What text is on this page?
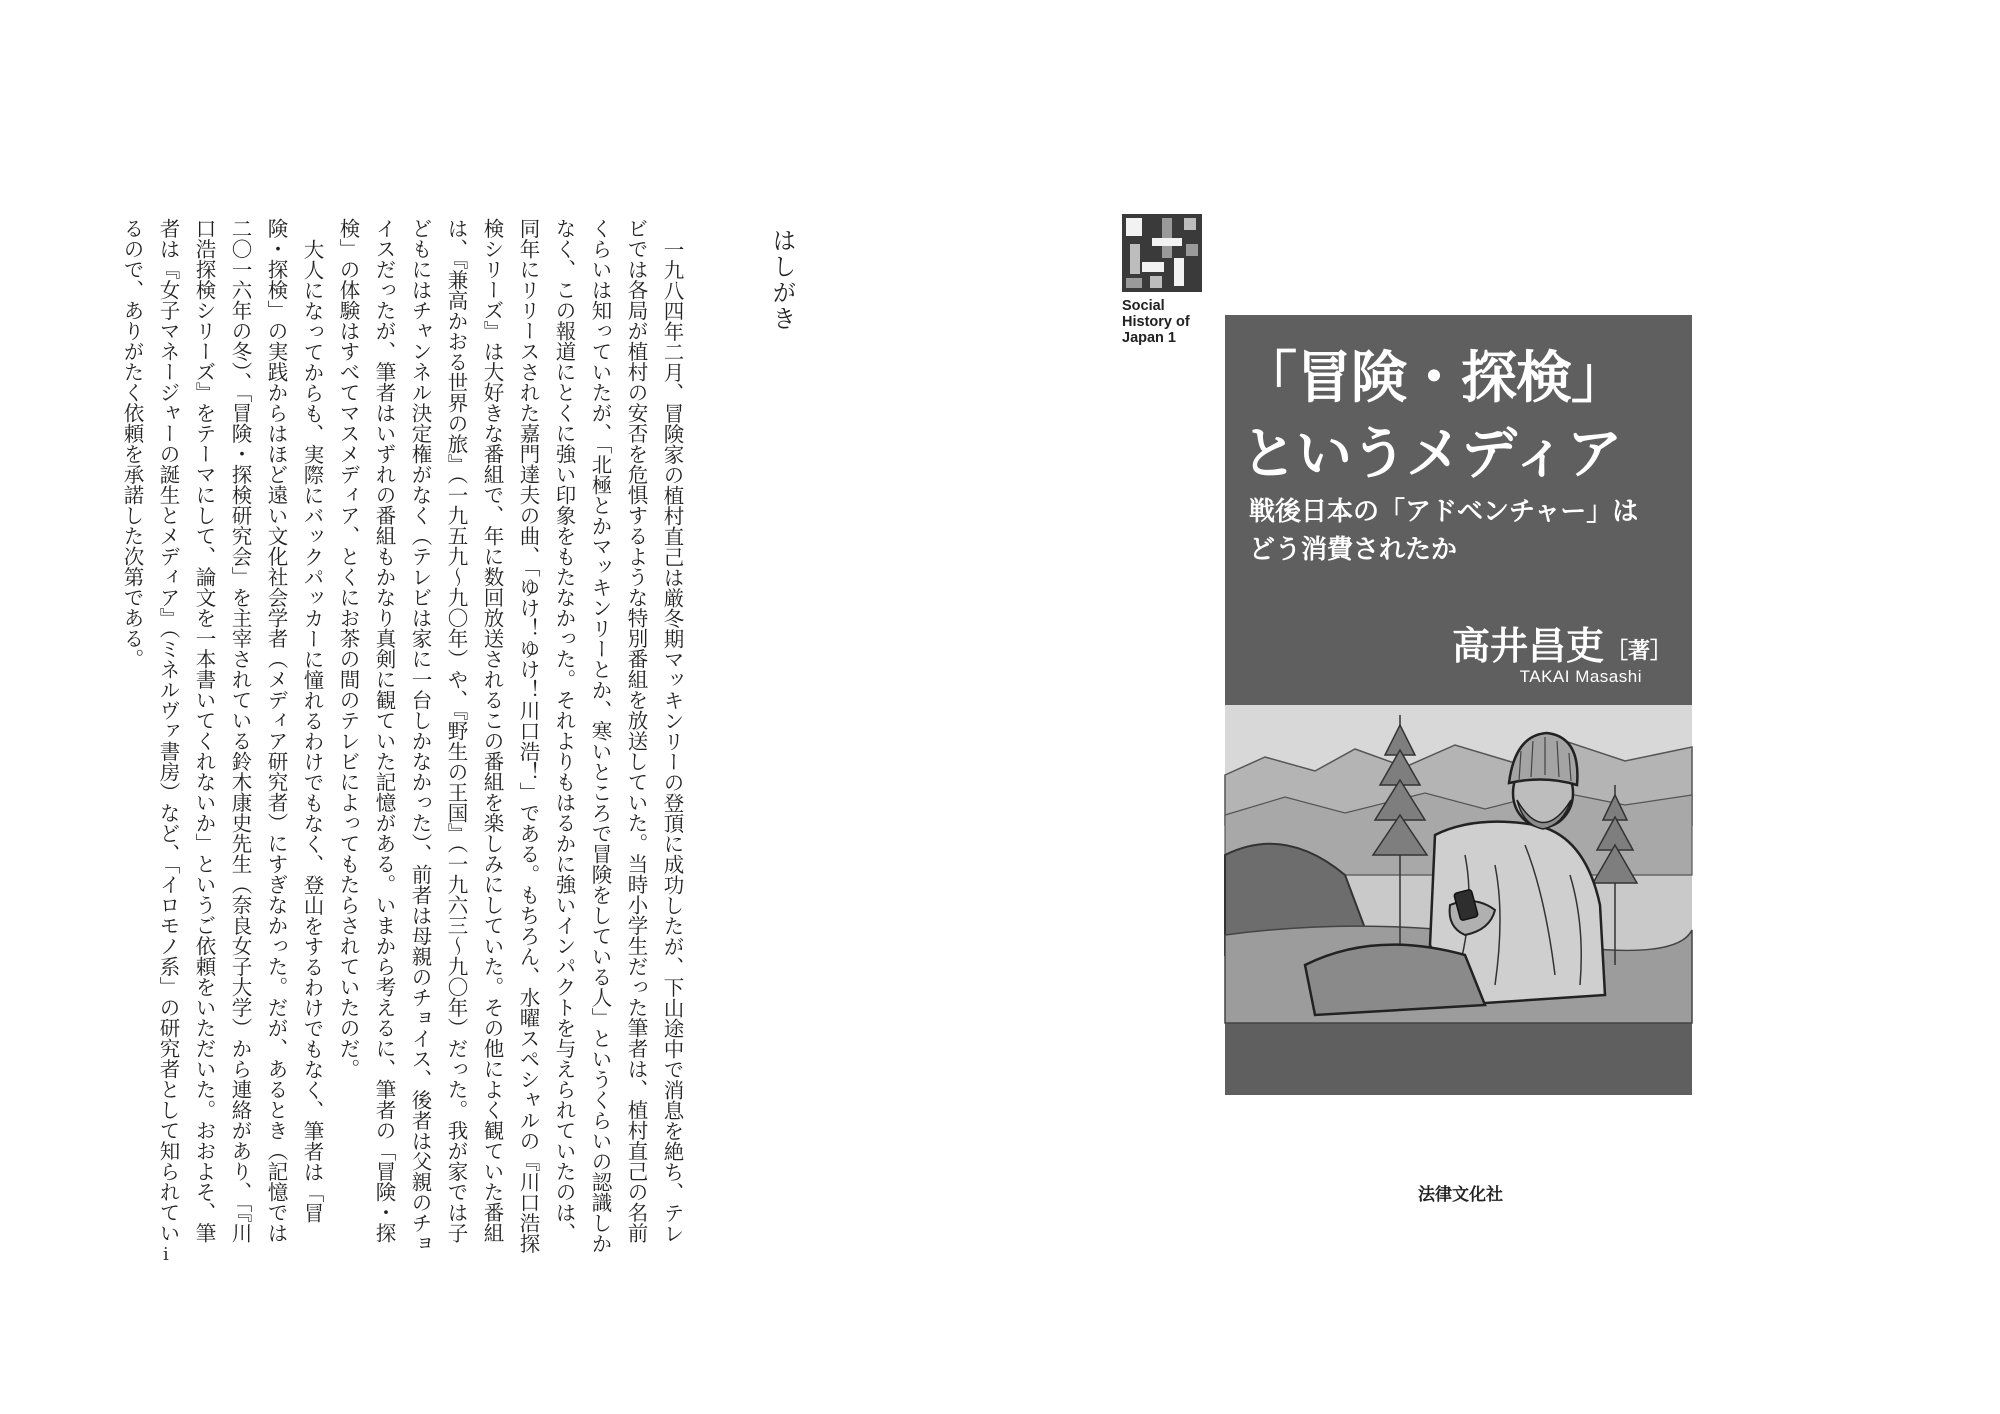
はしがき

一九八四年二月、冒険家の植村直己は厳冬期マッキンリーの登頂に成功したが、下山途中で消息を絶ち、テレビでは各局が植村の安否を危惧するような特別番組を放送していた。当時小学生だった筆者は、植村直己の名前くらいは知っていたが、「北極とかマッキンリーとか、寒いところで冒険をしている人」というくらいの認識しかなく、この報道にとくに強い印象をもたなかった。それよりもはるかに強いインパクトを与えられていたのは、同年にリリースされた嘉門達夫の曲、「ゆけ！ゆけ！川口浩！」である。もちろん、水曜スペシャルの『川口浩探検シリーズ』は大好きな番組で、年に数回放送されるこの番組を楽しみにしていた。その他によく観ていた番組は、『兼高かおる世界の旅』（一九五九〜九〇年）や、『野生の王国』（一九六三〜九〇年）だった。我が家では子どもにはチャンネル決定権がなく（テレビは家に一台しかなかった）、前者は母親のチョイス、後者は父親のチョイスだったが、筆者はいずれの番組もかなり真剣に観ていた記憶がある。いまから考えるに、筆者の「冒険・探検」の体験はすべてマスメディア、とくにお茶の間のテレビによってもたらされていたのだ。

大人になってからも、実際にバックパッカーに憧れるわけでもなく、登山をするわけでもなく、筆者は「冒険・探検」の実践からはほど遠い文化社会学者（メディア研究者）にすぎなかった。だが、あるとき（記憶では二〇一六年の冬）、「冒険・探検研究会」を主宰されている鈴木康史先生（奈良女子大学）から連絡があり、「『川口浩探検シリーズ』をテーマにして、論文を一本書いてくれないか」というご依頼をいただいた。おおよそ、筆者は『女子マネージャーの誕生とメディア』（ミネルヴァ書房）など、「イロモノ系」の研究者として知られているので、ありがたく依頼を承諾した次第である。

i
Social
History of
Japan 1
「冒険・探検」
というメディア
戦後日本の「アドベンチャー」は
どう消費されたか
高井昌吏［著］
TAKAI Masashi
法律文化社
